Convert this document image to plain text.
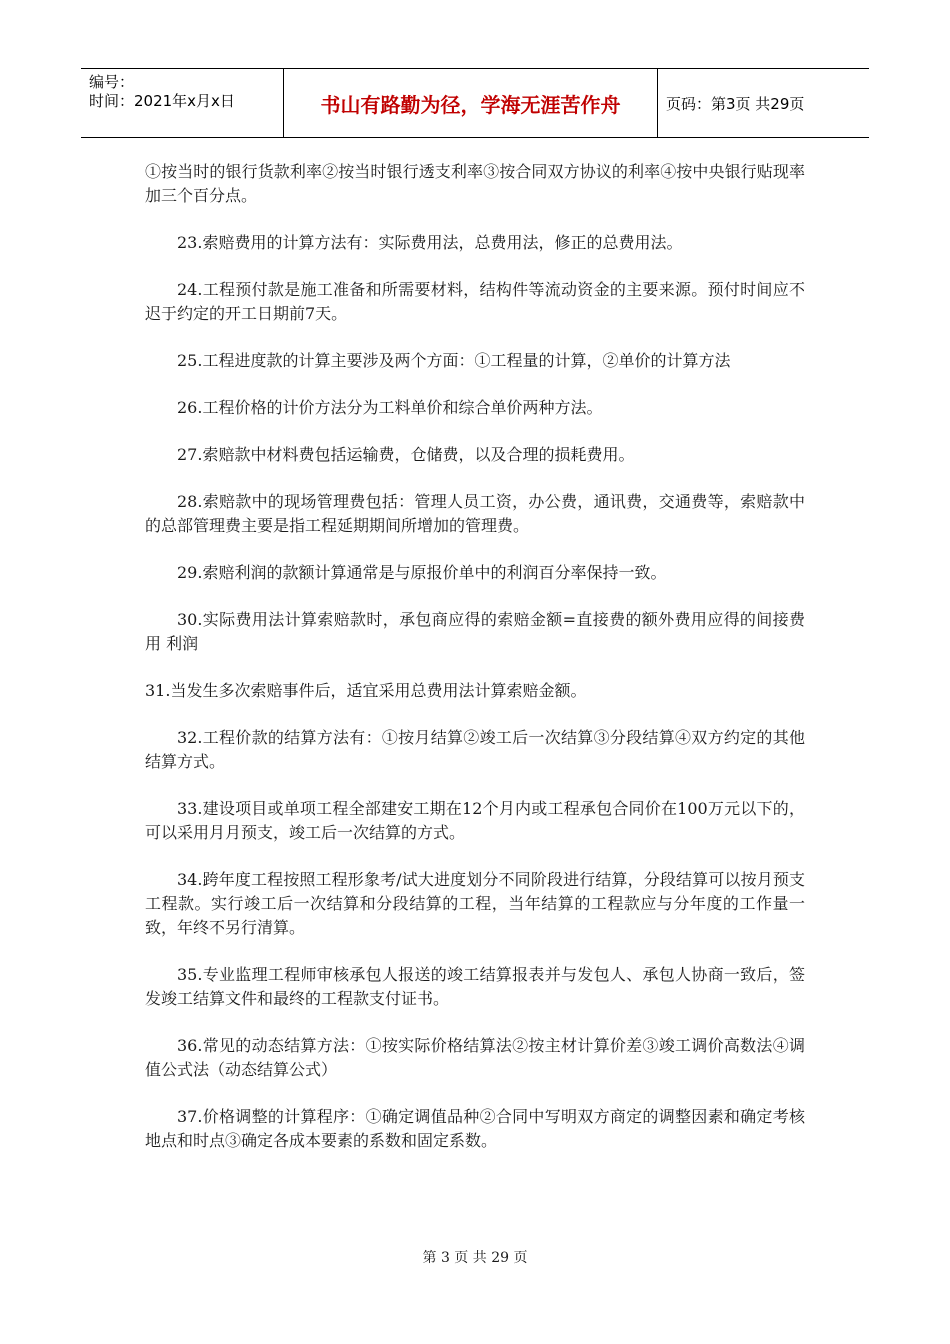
编号：
时间：2021年x月x日	书山有路勤为径，学海无涯苦作舟	页码：第3页 共29页

①按当时的银行货款利率②按当时银行透支利率③按合同双方协议的利率④按中央银行贴现率加三个百分点。

23.索赔费用的计算方法有：实际费用法，总费用法，修正的总费用法。

24.工程预付款是施工准备和所需要材料，结构件等流动资金的主要来源。预付时间应不迟于约定的开工日期前7天。

25.工程进度款的计算主要涉及两个方面：①工程量的计算，②单价的计算方法

26.工程价格的计价方法分为工料单价和综合单价两种方法。

27.索赔款中材料费包括运输费，仓储费，以及合理的损耗费用。

28.索赔款中的现场管理费包括：管理人员工资，办公费，通讯费，交通费等，索赔款中的总部管理费主要是指工程延期期间所增加的管理费。

29.索赔利润的款额计算通常是与原报价单中的利润百分率保持一致。

30.实际费用法计算索赔款时，承包商应得的索赔金额=直接费的额外费用应得的间接费用 利润

31.当发生多次索赔事件后，适宜采用总费用法计算索赔金额。

32.工程价款的结算方法有：①按月结算②竣工后一次结算③分段结算④双方约定的其他结算方式。

33.建设项目或单项工程全部建安工期在12个月内或工程承包合同价在100万元以下的，可以采用月月预支，竣工后一次结算的方式。

34.跨年度工程按照工程形象考/试大进度划分不同阶段进行结算，分段结算可以按月预支工程款。实行竣工后一次结算和分段结算的工程，当年结算的工程款应与分年度的工作量一致，年终不另行清算。

35.专业监理工程师审核承包人报送的竣工结算报表并与发包人、承包人协商一致后，签发竣工结算文件和最终的工程款支付证书。

36.常见的动态结算方法：①按实际价格结算法②按主材计算价差③竣工调价高数法④调值公式法（动态结算公式）

37.价格调整的计算程序：①确定调值品种②合同中写明双方商定的调整因素和确定考核地点和时点③确定各成本要素的系数和固定系数。

第 3 页 共 29 页
